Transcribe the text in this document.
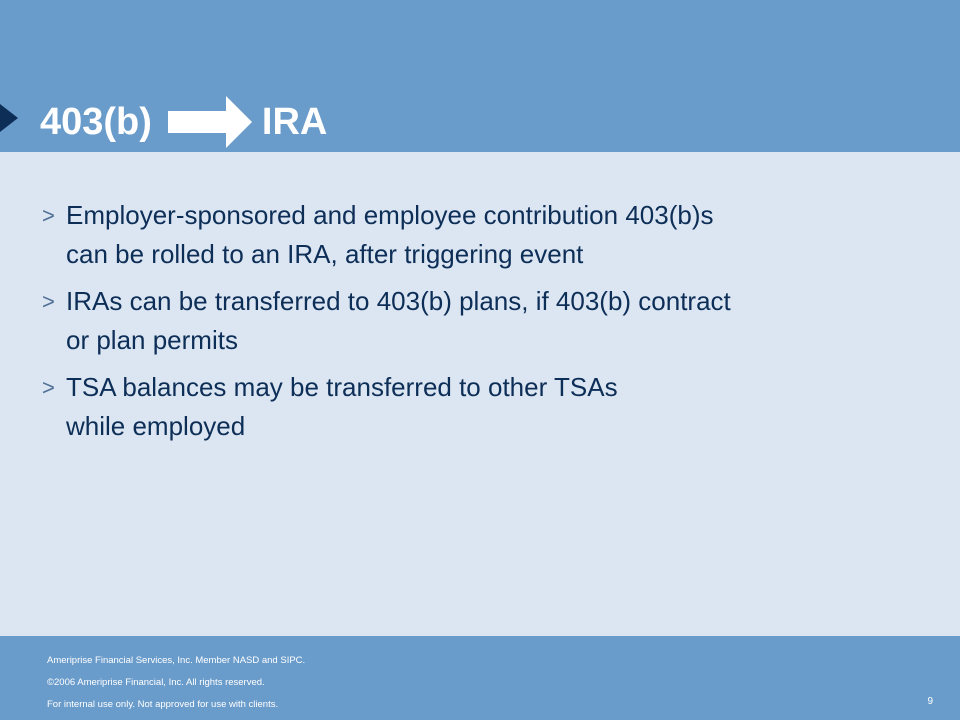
403(b)	IRA
> Employer-sponsored and employee contribution 403(b)s
can be rolled to an IRA, after triggering event
> IRAs can be transferred to 403(b) plans, if 403(b) contract
or plan permits
> TSA balances may be transferred to other TSAs
while employed
Ameriprise Financial Services, Inc. Member NASD and SIPC.
©2006 Ameriprise Financial, Inc. All rights reserved.
For internal use only. Not approved for use with clients.	9
